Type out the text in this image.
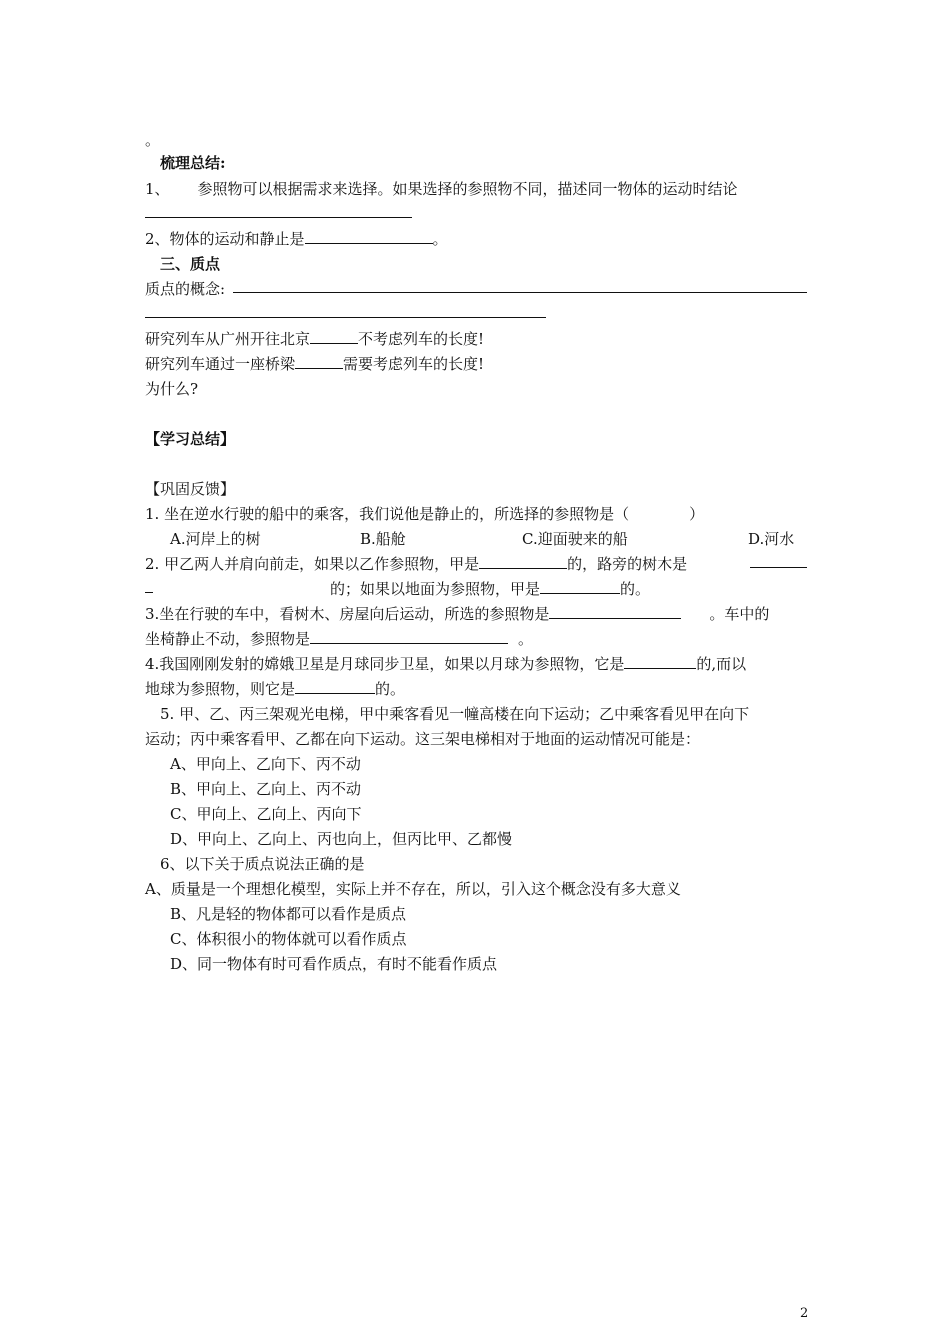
。
梳理总结:
1、 参照物可以根据需求来选择。如果选择的参照物不同，描述同一物体的运动时结论
2、物体的运动和静止是	。
三、质点
质点的概念:
研究列车从广州开往北京	不考虑列车的长度!
研究列车通过一座桥梁	需要考虑列车的长度!
为什么?
【学习总结】
【巩固反馈】
1. 坐在逆水行驶的船中的乘客，我们说他是静止的，所选择的参照物是（	）
A.河岸上的树	B.船舱	C.迎面驶来的船	D.河水
2. 甲乙两人并肩向前走，如果以乙作参照物，甲是	的，路旁的树木是
的；如果以地面为参照物，甲是	的。
3.坐在行驶的车中，看树木、房屋向后运动，所选的参照物是	。车中的
坐椅静止不动，参照物是	。
4.我国刚刚发射的嫦娥卫星是月球同步卫星，如果以月球为参照物，它是	的,而以
地球为参照物，则它是	的。
5. 甲、乙、丙三架观光电梯，甲中乘客看见一幢高楼在向下运动；乙中乘客看见甲在向下
运动；丙中乘客看甲、乙都在向下运动。这三架电梯相对于地面的运动情况可能是：
A、甲向上、乙向下、丙不动
B、甲向上、乙向上、丙不动
C、甲向上、乙向上、丙向下
D、甲向上、乙向上、丙也向上，但丙比甲、乙都慢
6、以下关于质点说法正确的是
A、质量是一个理想化模型，实际上并不存在，所以，引入这个概念没有多大意义
B、凡是轻的物体都可以看作是质点
C、体积很小的物体就可以看作质点
D、同一物体有时可看作质点，有时不能看作质点
2
